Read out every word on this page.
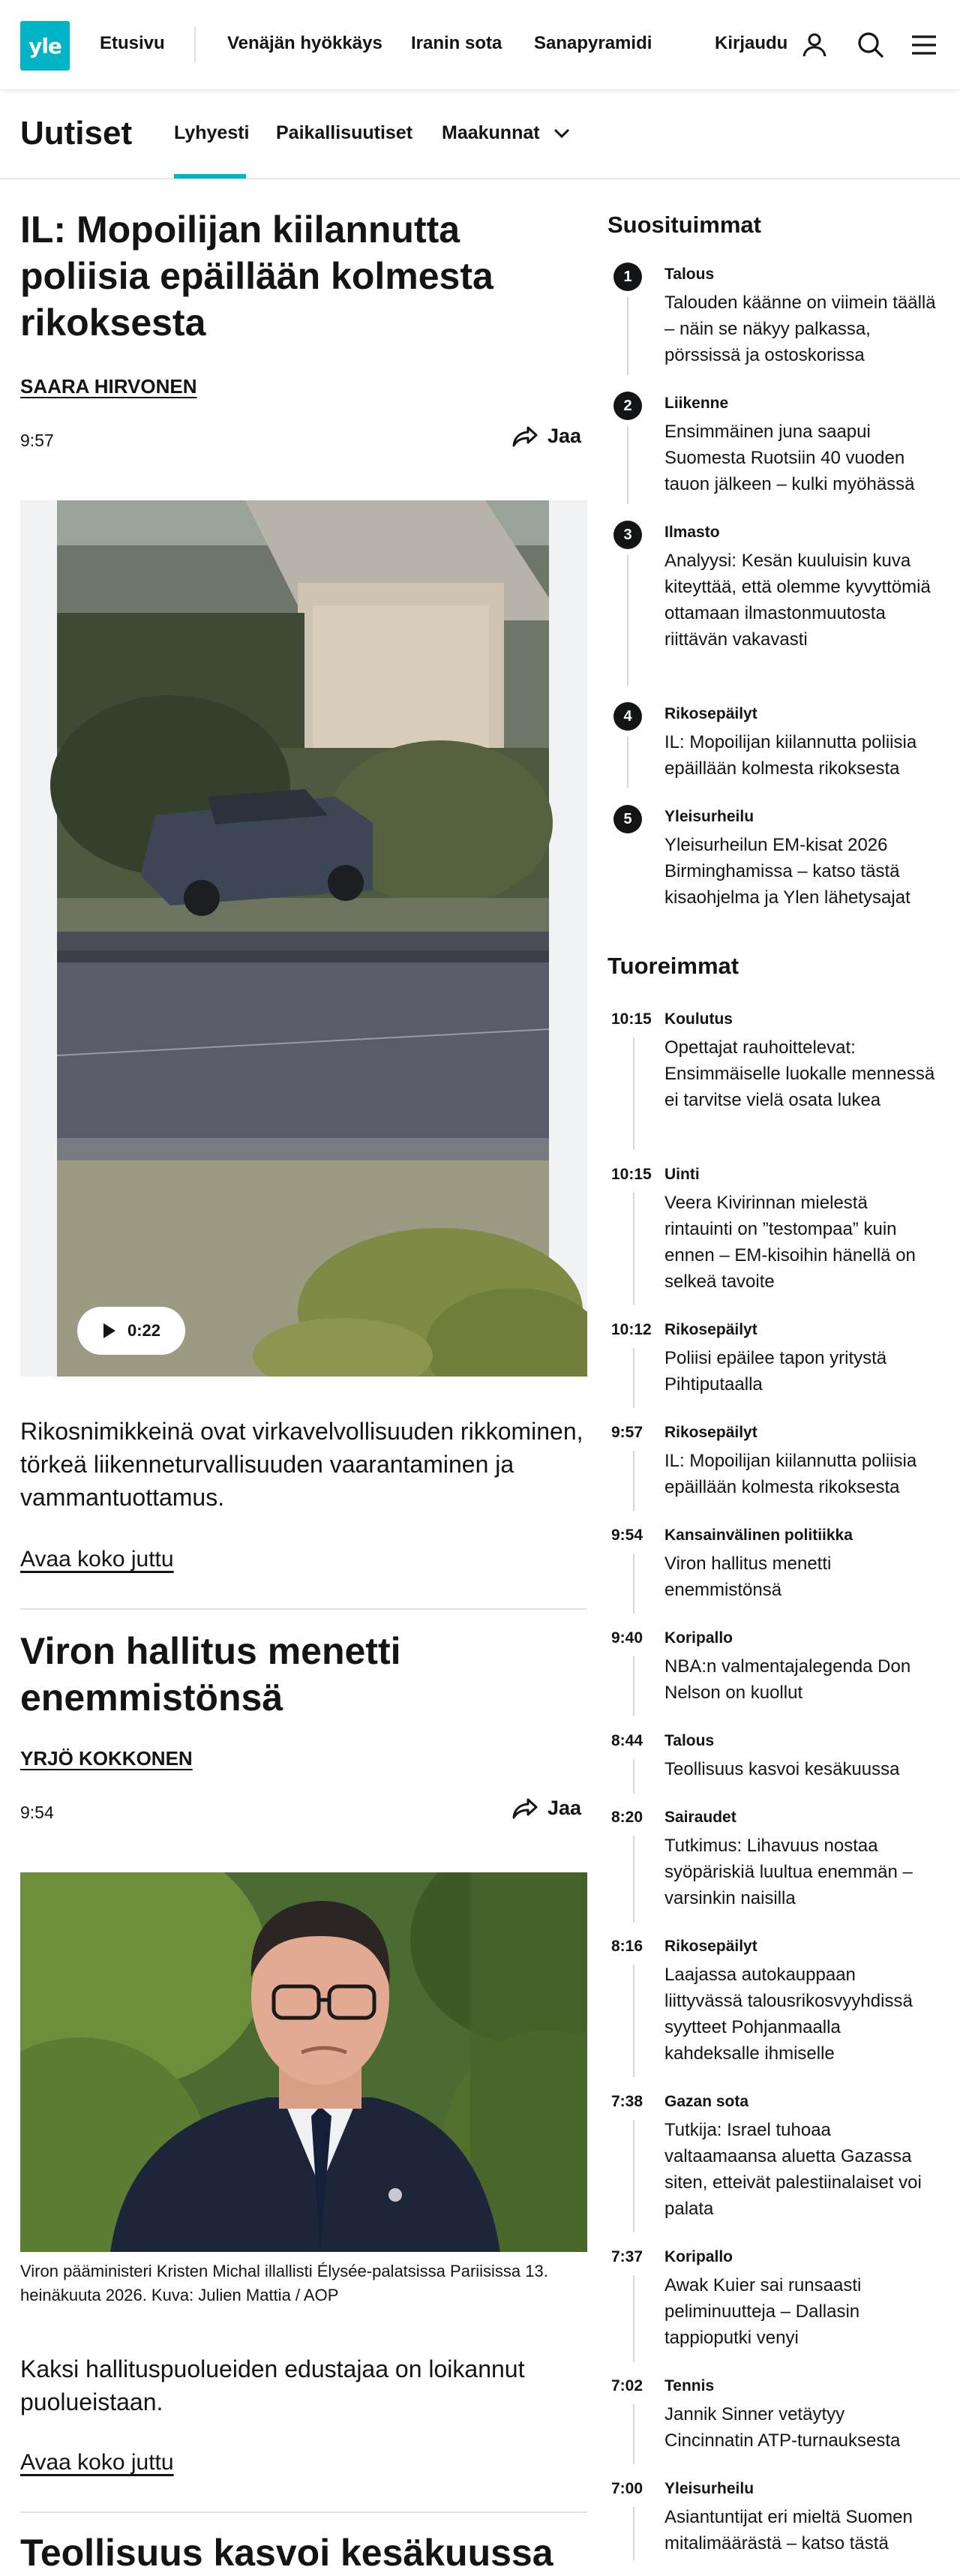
yle	Etusivu	Venäjän hyökkäys Iranin sota Sanapyramidi	Kirjaudu
Uutiset Lyhyesti Paikallisuutiset Maakunnat
IL: Mopoilijan kiilannutta poliisia epäillään kolmesta rikoksesta
SAARA HIRVONEN
9:57	Jaa
0:22

Rikosnimikkeinä ovat virkavelvollisuuden rikkominen, törkeä liikenneturvallisuuden vaarantaminen ja vammantuottamus.

Avaa koko juttu
Viron hallitus menetti enemmistönsä
YRJÖ KOKKONEN
9:54	Jaa

Viron pääministeri Kristen Michal illallisti Élysée-palatsissa Pariisissa 13. heinäkuuta 2026. Kuva: Julien Mattia / AOP

Kaksi hallituspuolueiden edustajaa on loikannut puolueistaan.

Avaa koko juttu
Teollisuus kasvoi kesäkuussa
Suosituimmat
1	Talous
Talouden käänne on viimein täällä – näin se näkyy palkassa, pörssissä ja ostoskorissa
2	Liikenne
Ensimmäinen juna saapui Suomesta Ruotsiin 40 vuoden tauon jälkeen – kulki myöhässä
3	Ilmasto
Analyysi: Kesän kuuluisin kuva kiteyttää, että olemme kyvyttömiä ottamaan ilmastonmuutosta riittävän vakavasti
4	Rikosepäilyt
IL: Mopoilijan kiilannutta poliisia epäillään kolmesta rikoksesta
5	Yleisurheilu
Yleisurheilun EM-kisat 2026 Birminghamissa – katso tästä kisaohjelma ja Ylen lähetysajat
Tuoreimmat
10:15 Koulutus
Opettajat rauhoittelevat: Ensimmäiselle luokalle mennessä ei tarvitse vielä osata lukea
10:15 Uinti
Veera Kivirinnan mielestä rintauinti on ”testompaa” kuin ennen – EM-kisoihin hänellä on selkeä tavoite
10:12 Rikosepäilyt
Poliisi epäilee tapon yritystä Pihtiputaalla
9:57 Rikosepäilyt
IL: Mopoilijan kiilannutta poliisia epäillään kolmesta rikoksesta
9:54 Kansainvälinen politiikka
Viron hallitus menetti enemmistönsä
9:40 Koripallo
NBA:n valmentajalegenda Don Nelson on kuollut
8:44 Talous
Teollisuus kasvoi kesäkuussa
8:20 Sairaudet
Tutkimus: Lihavuus nostaa syöpäriskiä luultua enemmän – varsinkin naisilla
8:16 Rikosepäilyt
Laajassa autokauppaan liittyvässä talousrikosvyyhdissä syytteet Pohjanmaalla kahdeksalle ihmiselle
7:38 Gazan sota
Tutkija: Israel tuhoaa valtaamaansa aluetta Gazassa siten, etteivät palestiinalaiset voi palata
7:37 Koripallo
Awak Kuier sai runsaasti peliminuutteja – Dallasin tappioputki venyi
7:02 Tennis
Jannik Sinner vetäytyy Cincinnatin ATP-turnauksesta
7:00 Yleisurheilu
Asiantuntijat eri mieltä Suomen mitalimäärästä – katso tästä
